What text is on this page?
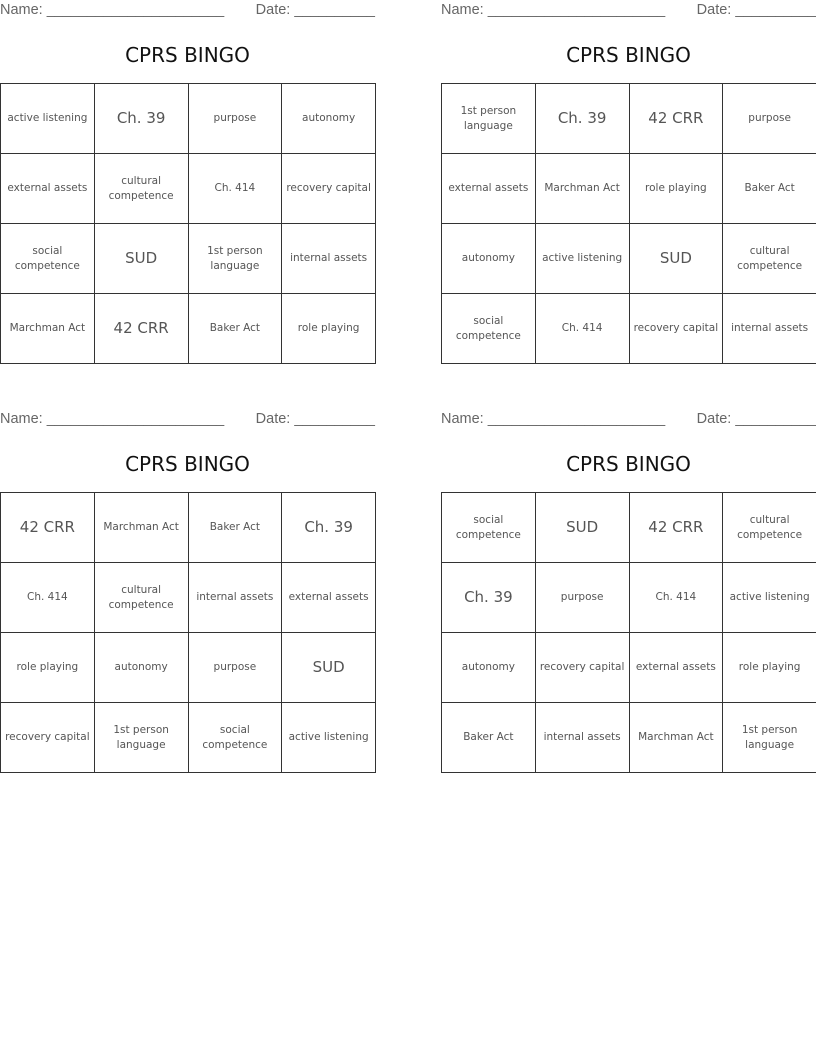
Name: ______________________ Date: __________
CPRS BINGO
active listening	Ch. 39	purpose	autonomy
external assets	cultural competence	Ch. 414	recovery capital
social competence	SUD	1st person language	internal assets
Marchman Act	42 CRR	Baker Act	role playing
Name: ______________________ Date: __________
CPRS BINGO
1st person language	Ch. 39	42 CRR	purpose
external assets	Marchman Act	role playing	Baker Act
autonomy	active listening	SUD	cultural competence
social competence	Ch. 414	recovery capital	internal assets
Name: ______________________ Date: __________
CPRS BINGO
42 CRR	Marchman Act	Baker Act	Ch. 39
Ch. 414	cultural competence	internal assets	external assets
role playing	autonomy	purpose	SUD
recovery capital	1st person language	social competence	active listening
Name: ______________________ Date: __________
CPRS BINGO
social competence	SUD	42 CRR	cultural competence
Ch. 39	purpose	Ch. 414	active listening
autonomy	recovery capital	external assets	role playing
Baker Act	internal assets	Marchman Act	1st person language
